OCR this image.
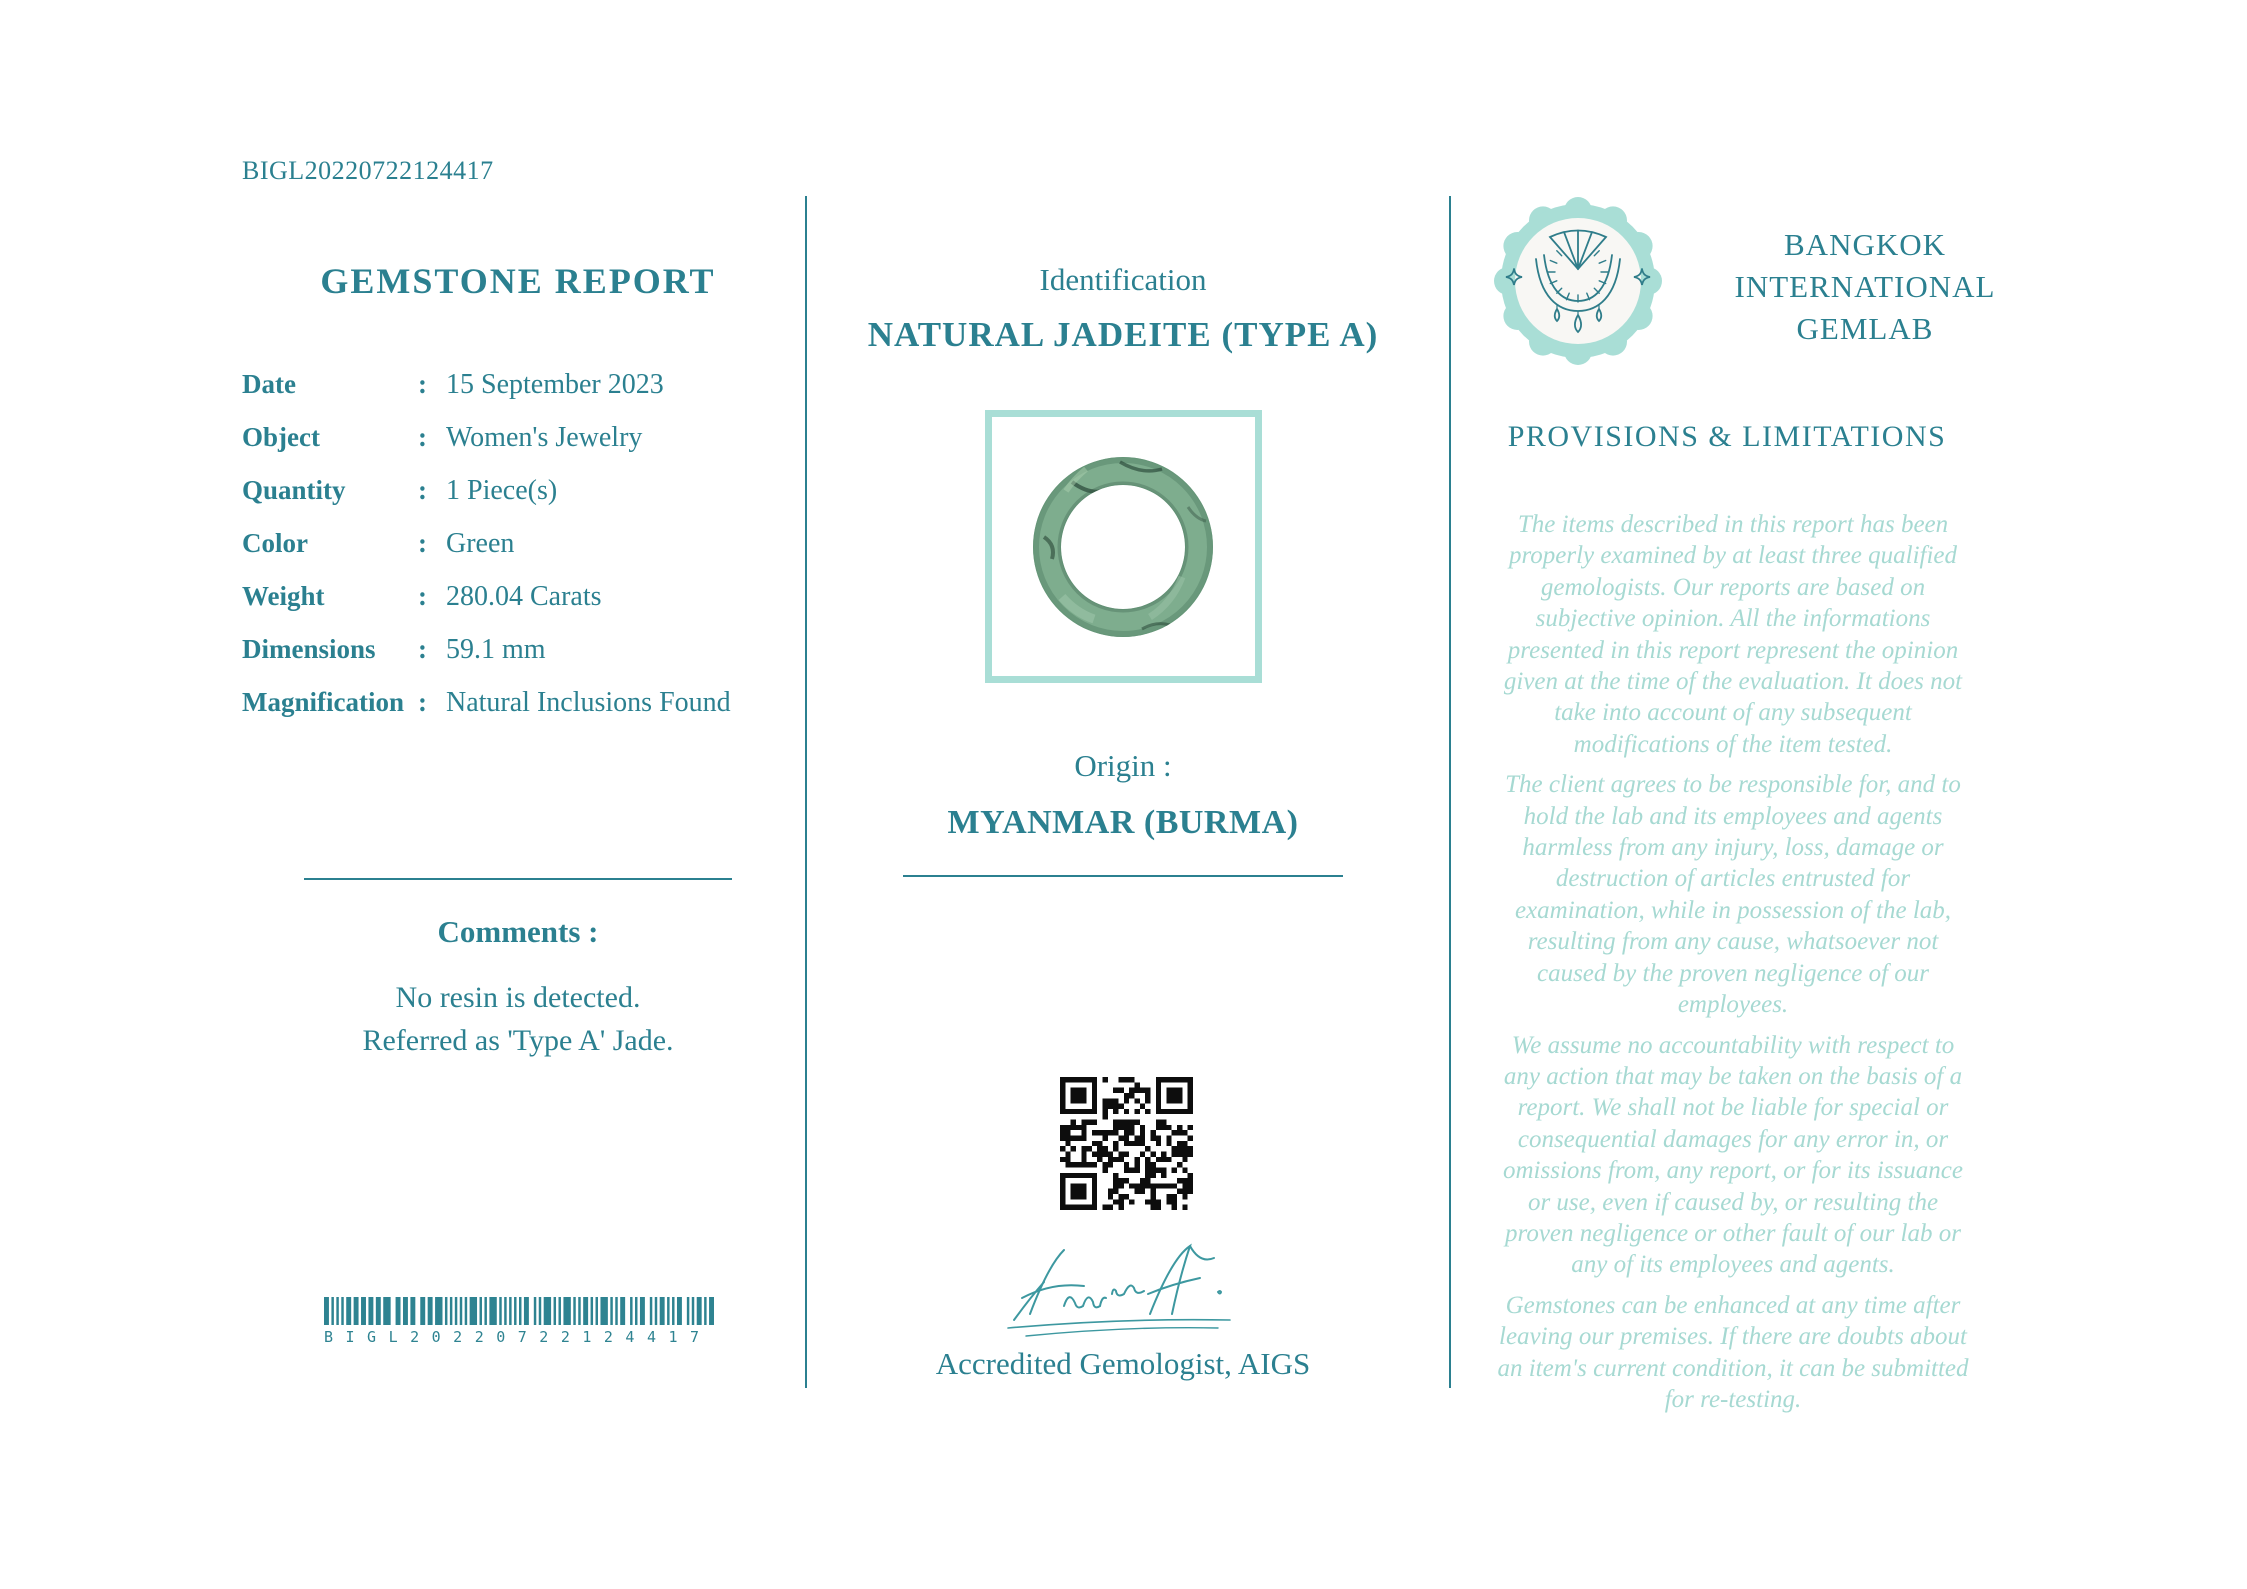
BIGL20220722124417
GEMSTONE REPORT
Date	: 15 September 2023
Object	: Women's Jewelry
Quantity	: 1 Piece(s)
Color	: Green
Weight	: 280.04 Carats
Dimensions	: 59.1 mm
Magnification : Natural Inclusions Found
Comments :
No resin is detected.
Referred as 'Type A' Jade.
BIGL20220722124417
Identification
NATURAL JADEITE (TYPE A)
Origin :
MYANMAR (BURMA)
Accredited Gemologist, AIGS
BANGKOK
INTERNATIONAL
GEMLAB
PROVISIONS & LIMITATIONS

The items described in this report has been properly examined by at least three qualified gemologists. Our reports are based on subjective opinion. All the informations presented in this report represent the opinion given at the time of the evaluation. It does not take into account of any subsequent modifications of the item tested.

The client agrees to be responsible for, and to hold the lab and its employees and agents harmless from any injury, loss, damage or destruction of articles entrusted for examination, while in possession of the lab, resulting from any cause, whatsoever not caused by the proven negligence of our employees.

We assume no accountability with respect to any action that may be taken on the basis of a report. We shall not be liable for special or consequential damages for any error in, or omissions from, any report, or for its issuance or use, even if caused by, or resulting the proven negligence or other fault of our lab or any of its employees and agents.

Gemstones can be enhanced at any time after leaving our premises. If there are doubts about an item's current condition, it can be submitted for re-testing.
